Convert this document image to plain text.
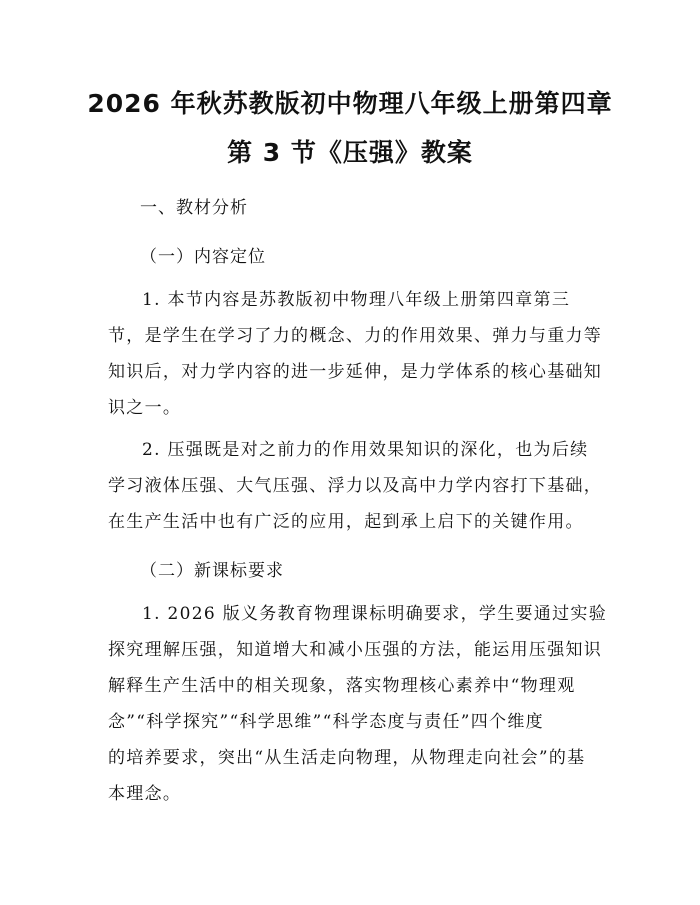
2026 年秋苏教版初中物理八年级上册第四章
第 3 节《压强》教案
一、教材分析
（一）内容定位
1. 本节内容是苏教版初中物理八年级上册第四章第三
节，是学生在学习了力的概念、力的作用效果、弹力与重力等
知识后，对力学内容的进一步延伸，是力学体系的核心基础知
识之一。
2. 压强既是对之前力的作用效果知识的深化，也为后续
学习液体压强、大气压强、浮力以及高中力学内容打下基础，
在生产生活中也有广泛的应用，起到承上启下的关键作用。
（二）新课标要求
1. 2026 版义务教育物理课标明确要求，学生要通过实验
探究理解压强，知道增大和减小压强的方法，能运用压强知识
解释生产生活中的相关现象，落实物理核心素养中“物理观
念”“科学探究”“科学思维”“科学态度与责任”四个维度
的培养要求，突出“从生活走向物理，从物理走向社会”的基
本理念。
